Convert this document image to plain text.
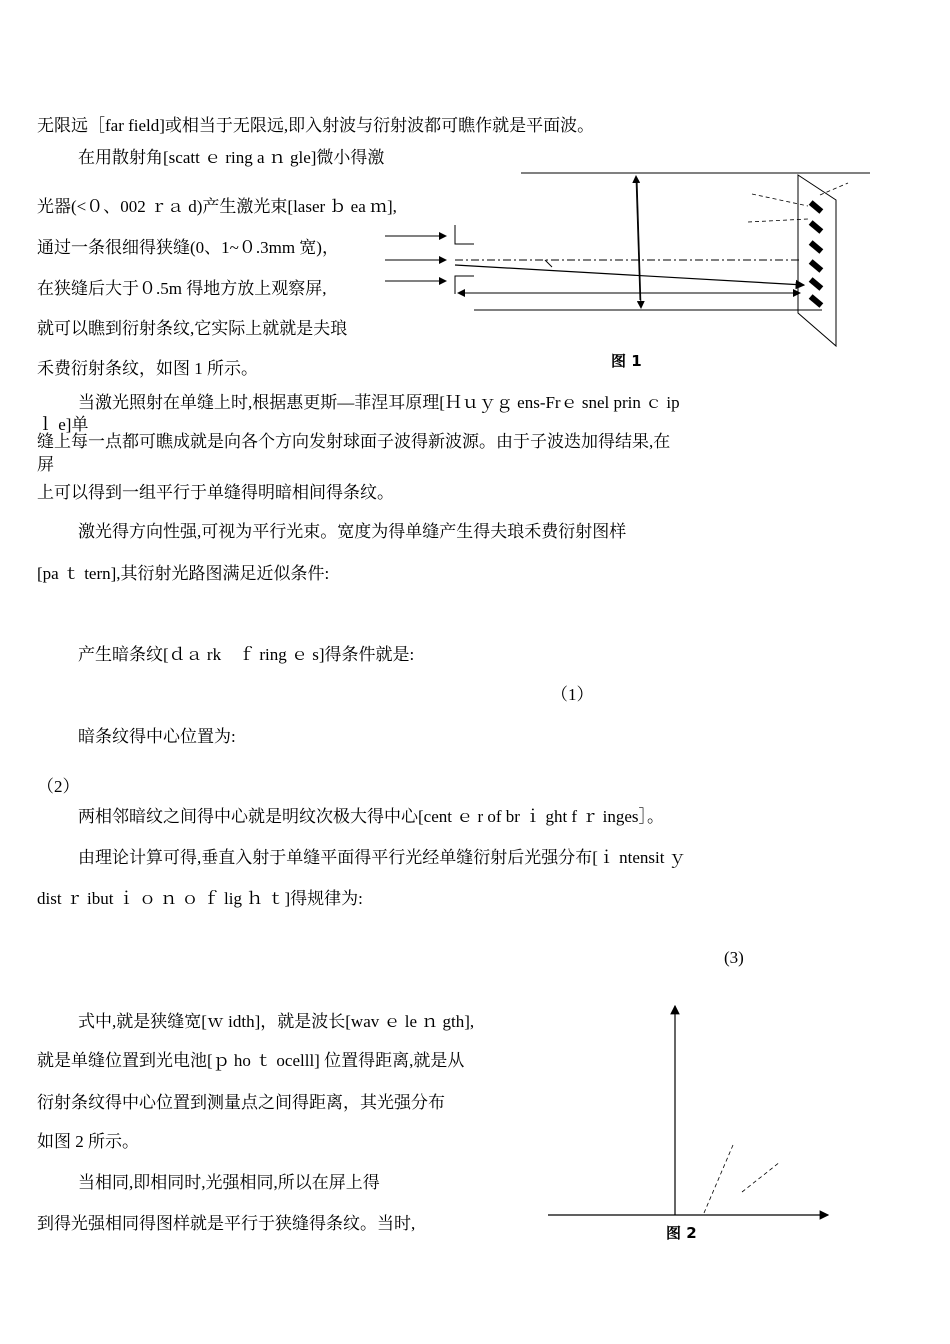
无限远［far field]或相当于无限远,即入射波与衍射波都可瞧作就是平面波。
在用散射角[scatt ｅ ring a ｎ gle]微小得激
光器(<０、002 ｒａ d)产生激光束[laser ｂ ea ｍ],
通过一条很细得狭缝(0、1~０.3mm 宽)，
在狭缝后大于０.5m 得地方放上观察屏,
就可以瞧到衍射条纹,它实际上就就是夫琅
禾费衍射条纹，如图 1 所示。
当激光照射在单缝上时,根据惠更斯—菲涅耳原理[Ｈｕｙｇ ens-Frｅ snel prin ｃ ip
ｌ e]单
缝上每一点都可瞧成就是向各个方向发射球面子波得新波源。由于子波迭加得结果,在
屏
上可以得到一组平行于单缝得明暗相间得条纹。
激光得方向性强,可视为平行光束。宽度为得单缝产生得夫琅禾费衍射图样
[pa ｔ tern],其衍射光路图满足近似条件:
产生暗条纹[ｄａ rk　ｆ ring ｅ s]得条件就是:
（1）
暗条纹得中心位置为:
（2）
两相邻暗纹之间得中心就是明纹次极大得中心[cent ｅ r of br ｉ ght f ｒ inges］。
由理论计算可得,垂直入射于单缝平面得平行光经单缝衍射后光强分布[ｉ ntensit ｙ
dist ｒ ibut ｉ ｏ ｎ ｏ ｆ lig ｈ ｔ]得规律为:
(3)
式中,就是狭缝宽[ｗ idth]，就是波长[wav ｅ le ｎ gth],
就是单缝位置到光电池[ｐ ho ｔ ocelll] 位置得距离,就是从
衍射条纹得中心位置到测量点之间得距离，其光强分布
如图 2 所示。
当相同,即相同时,光强相同,所以在屏上得
到得光强相同得图样就是平行于狭缝得条纹。当时,
图 1
图 2
